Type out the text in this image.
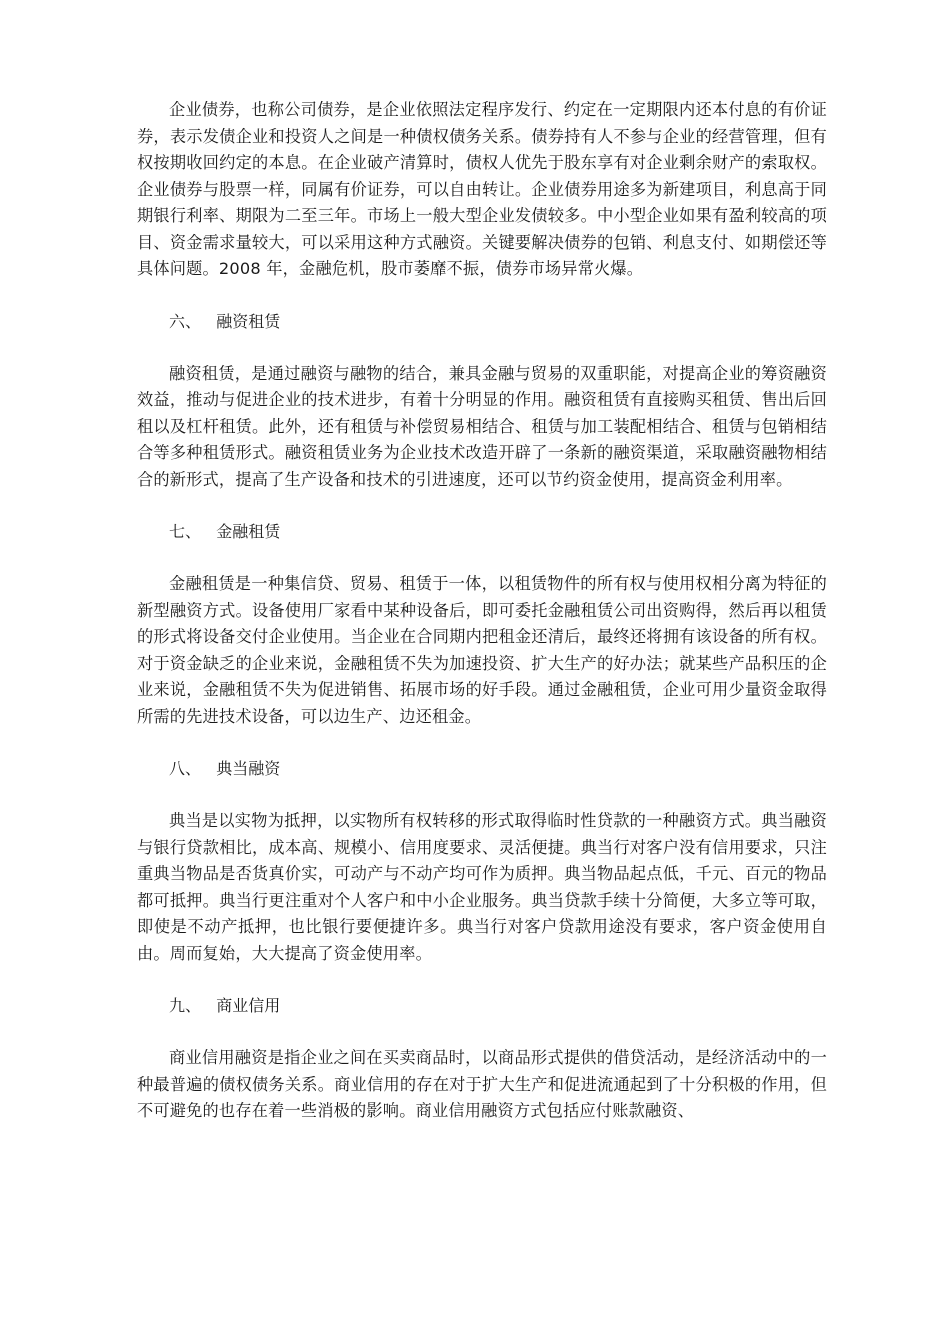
企业债券，也称公司债券，是企业依照法定程序发行、约定在一定期限内还本付息的有价证券，表示发债企业和投资人之间是一种债权债务关系。债券持有人不参与企业的经营管理，但有权按期收回约定的本息。在企业破产清算时，债权人优先于股东享有对企业剩余财产的索取权。企业债券与股票一样，同属有价证券，可以自由转让。企业债券用途多为新建项目，利息高于同期银行利率、期限为二至三年。市场上一般大型企业发债较多。中小型企业如果有盈利较高的项目、资金需求量较大，可以采用这种方式融资。关键要解决债券的包销、利息支付、如期偿还等具体问题。2008 年，金融危机，股市萎靡不振，债券市场异常火爆。

六、 融资租赁

融资租赁，是通过融资与融物的结合，兼具金融与贸易的双重职能，对提高企业的筹资融资效益，推动与促进企业的技术进步，有着十分明显的作用。融资租赁有直接购买租赁、售出后回租以及杠杆租赁。此外，还有租赁与补偿贸易相结合、租赁与加工装配相结合、租赁与包销相结合等多种租赁形式。融资租赁业务为企业技术改造开辟了一条新的融资渠道，采取融资融物相结合的新形式，提高了生产设备和技术的引进速度，还可以节约资金使用，提高资金利用率。

七、 金融租赁

金融租赁是一种集信贷、贸易、租赁于一体，以租赁物件的所有权与使用权相分离为特征的新型融资方式。设备使用厂家看中某种设备后，即可委托金融租赁公司出资购得，然后再以租赁的形式将设备交付企业使用。当企业在合同期内把租金还清后，最终还将拥有该设备的所有权。对于资金缺乏的企业来说，金融租赁不失为加速投资、扩大生产的好办法；就某些产品积压的企业来说，金融租赁不失为促进销售、拓展市场的好手段。通过金融租赁，企业可用少量资金取得所需的先进技术设备，可以边生产、边还租金。

八、 典当融资

典当是以实物为抵押，以实物所有权转移的形式取得临时性贷款的一种融资方式。典当融资与银行贷款相比，成本高、规模小、信用度要求、灵活便捷。典当行对客户没有信用要求，只注重典当物品是否货真价实，可动产与不动产均可作为质押。典当物品起点低，千元、百元的物品都可抵押。典当行更注重对个人客户和中小企业服务。典当贷款手续十分简便，大多立等可取，即使是不动产抵押，也比银行要便捷许多。典当行对客户贷款用途没有要求，客户资金使用自由。周而复始，大大提高了资金使用率。

九、 商业信用

商业信用融资是指企业之间在买卖商品时，以商品形式提供的借贷活动，是经济活动中的一种最普遍的债权债务关系。商业信用的存在对于扩大生产和促进流通起到了十分积极的作用，但不可避免的也存在着一些消极的影响。商业信用融资方式包括应付账款融资、
